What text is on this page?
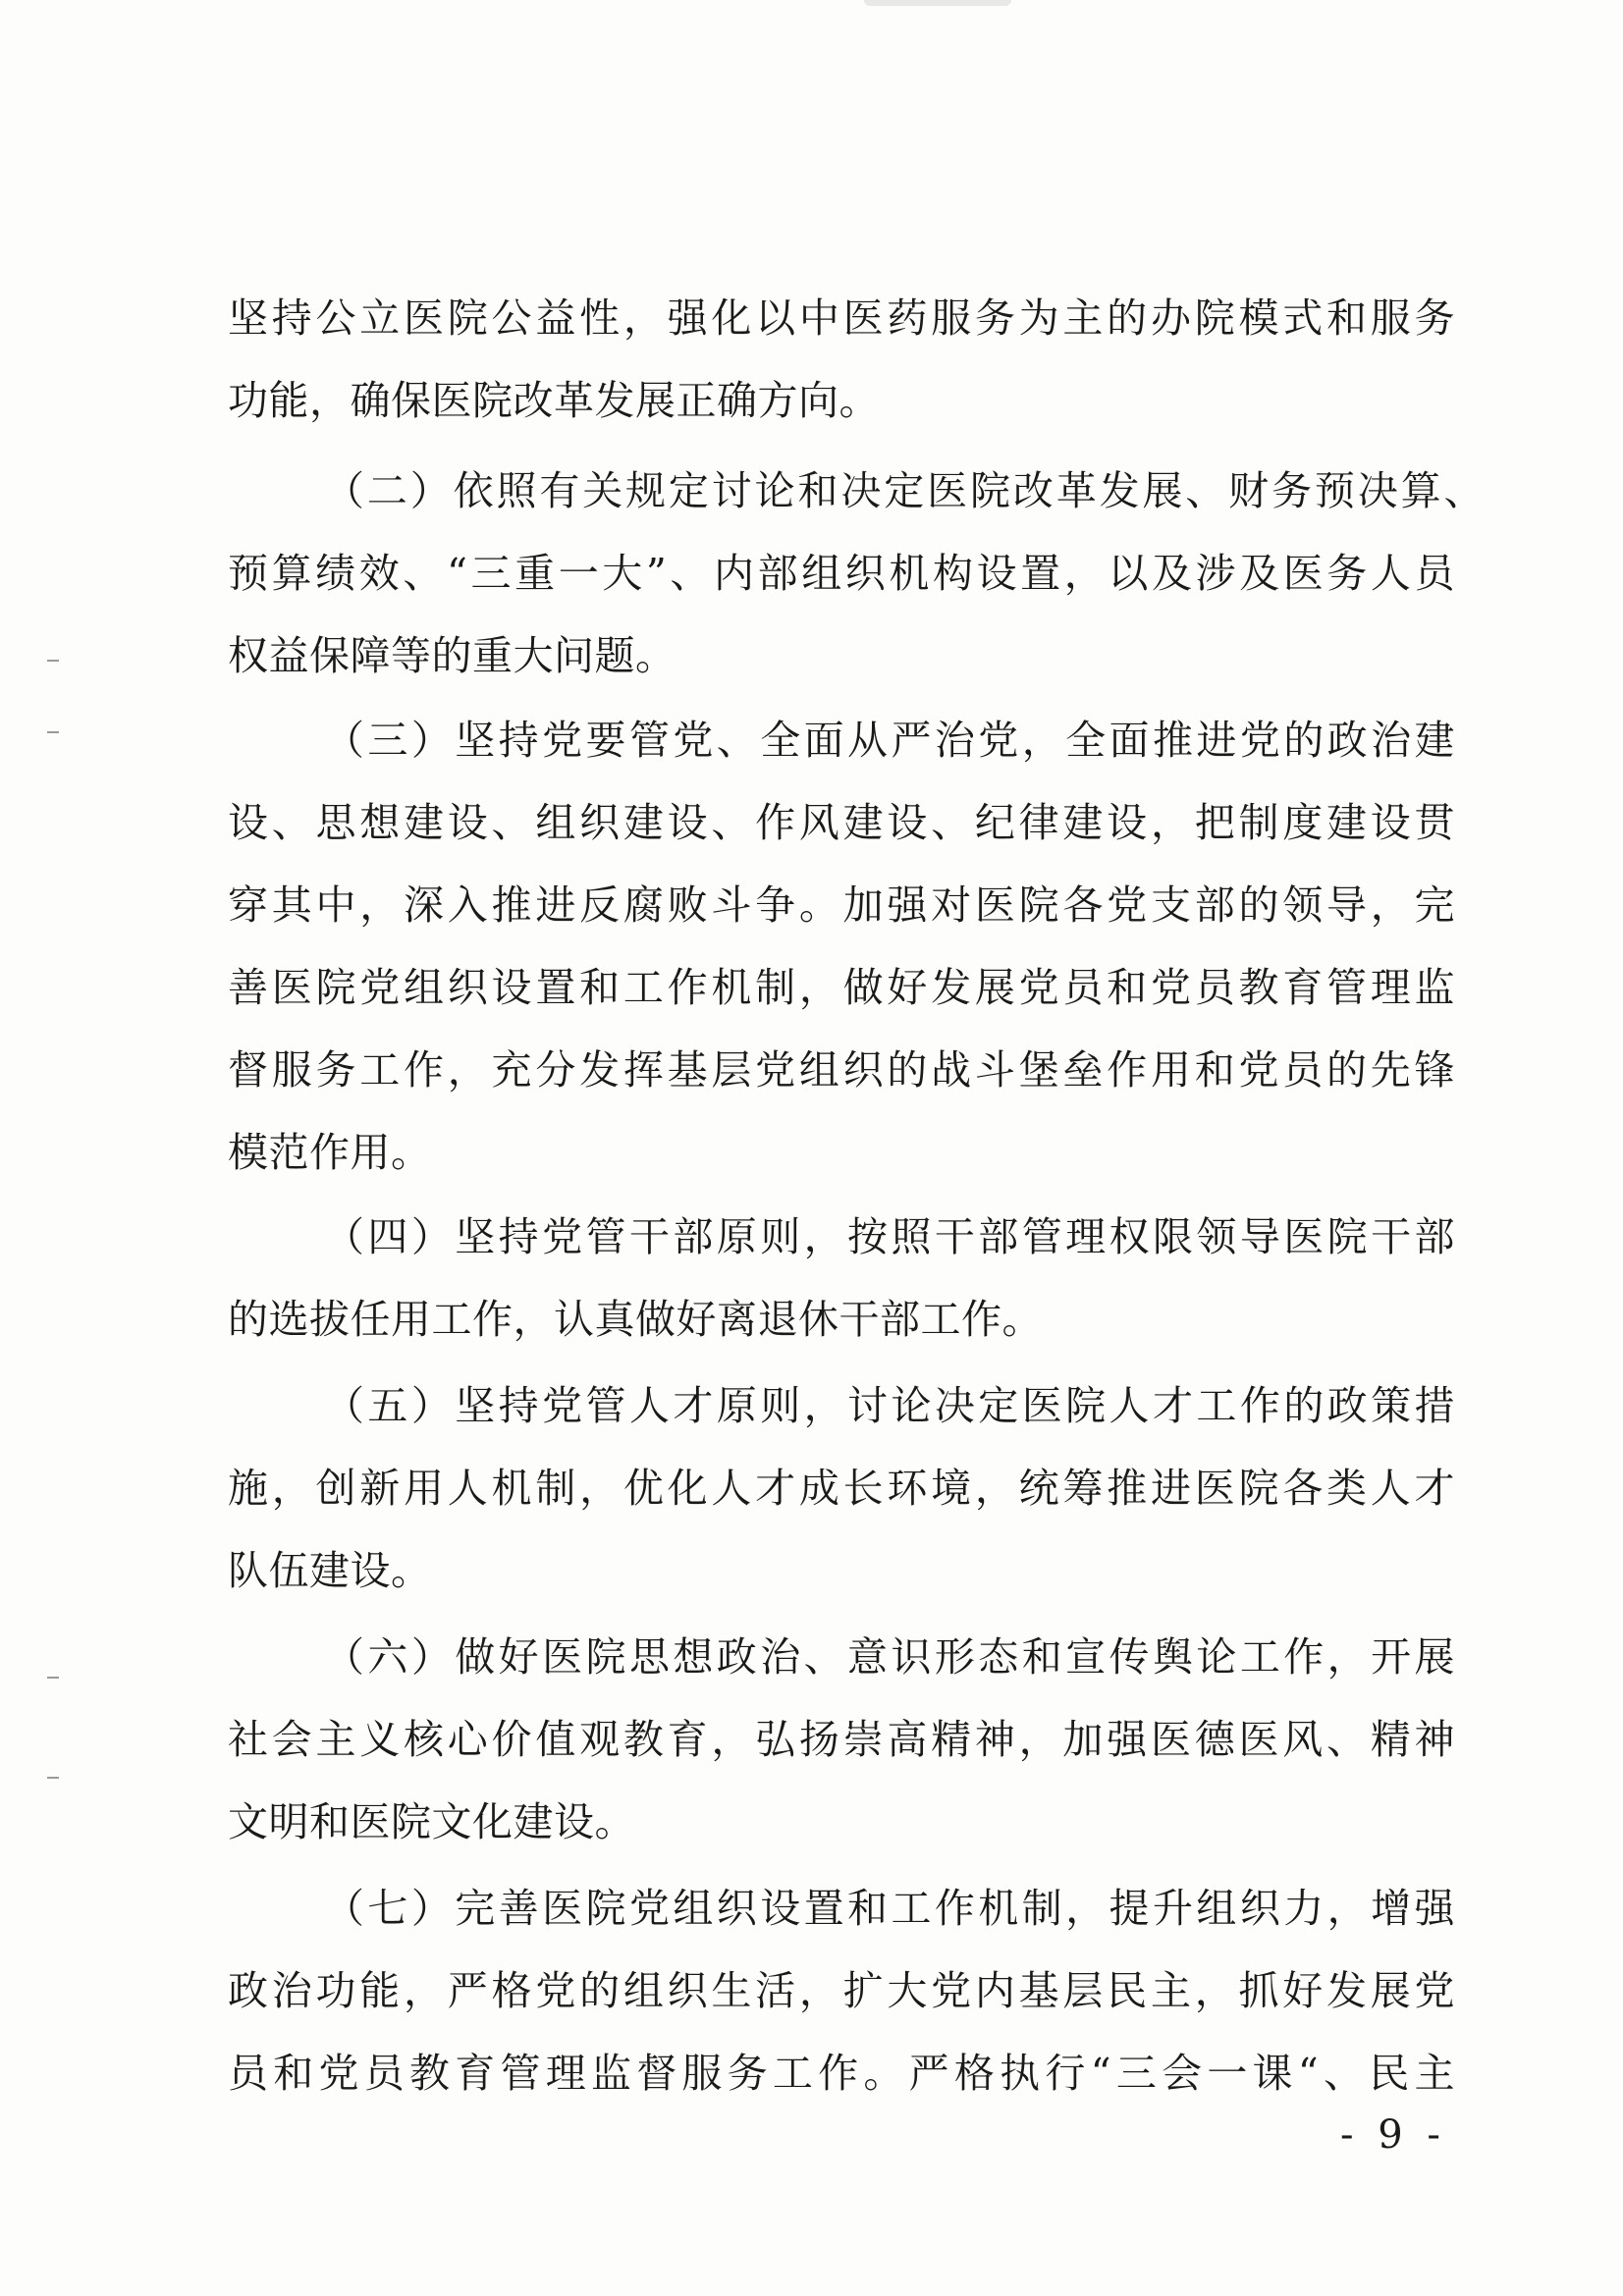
坚持公立医院公益性，强化以中医药服务为主的办院模式和服务
功能，确保医院改革发展正确方向。
（二）依照有关规定讨论和决定医院改革发展、财务预决算、
预算绩效、“三重一大”、内部组织机构设置，以及涉及医务人员
权益保障等的重大问题。
（三）坚持党要管党、全面从严治党，全面推进党的政治建
设、思想建设、组织建设、作风建设、纪律建设，把制度建设贯
穿其中，深入推进反腐败斗争。加强对医院各党支部的领导，完
善医院党组织设置和工作机制，做好发展党员和党员教育管理监
督服务工作，充分发挥基层党组织的战斗堡垒作用和党员的先锋
模范作用。
（四）坚持党管干部原则，按照干部管理权限领导医院干部
的选拔任用工作，认真做好离退休干部工作。
（五）坚持党管人才原则，讨论决定医院人才工作的政策措
施，创新用人机制，优化人才成长环境，统筹推进医院各类人才
队伍建设。
（六）做好医院思想政治、意识形态和宣传舆论工作，开展
社会主义核心价值观教育，弘扬崇高精神，加强医德医风、精神
文明和医院文化建设。
（七）完善医院党组织设置和工作机制，提升组织力，增强
政治功能，严格党的组织生活，扩大党内基层民主，抓好发展党
员和党员教育管理监督服务工作。严格执行“三会一课“、民主
- 9 -
